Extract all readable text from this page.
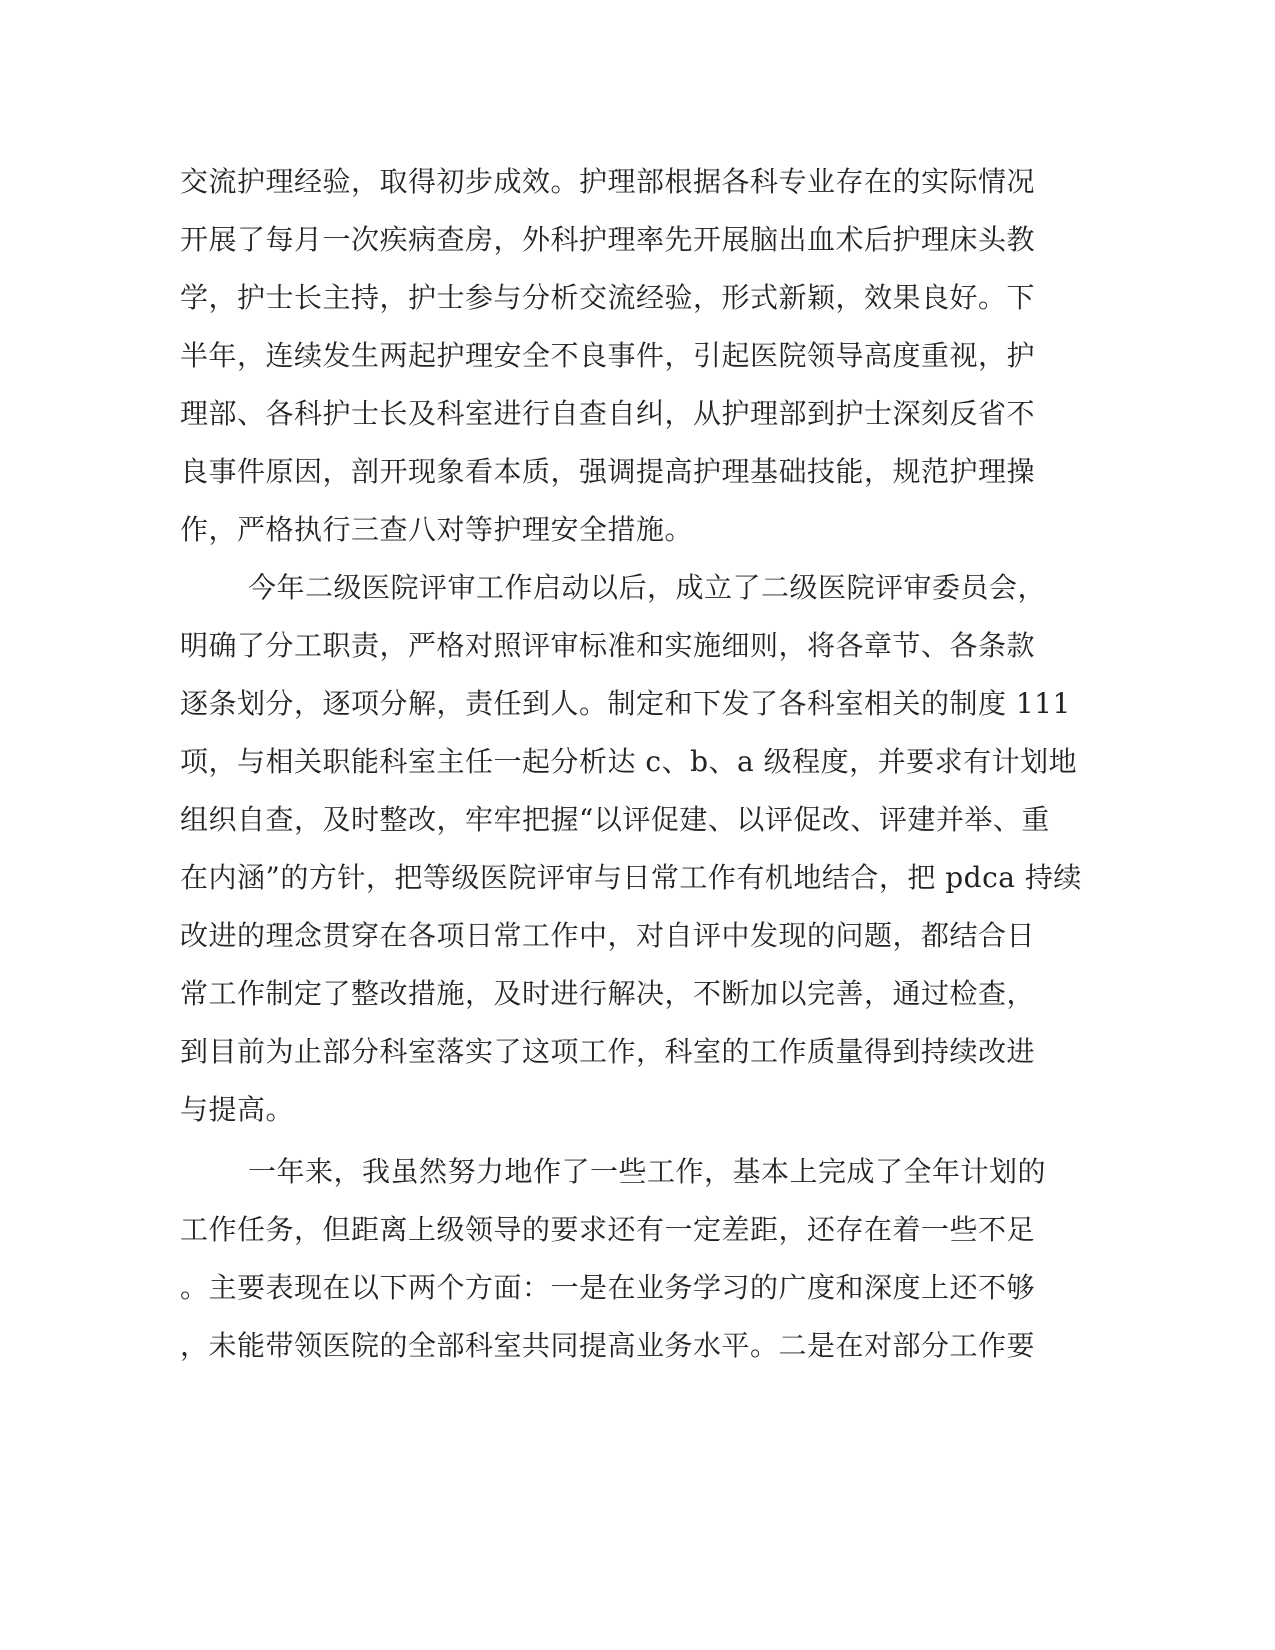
交流护理经验，取得初步成效。护理部根据各科专业存在的实际情况
开展了每月一次疾病查房，外科护理率先开展脑出血术后护理床头教
学，护士长主持，护士参与分析交流经验，形式新颖，效果良好。下
半年，连续发生两起护理安全不良事件，引起医院领导高度重视，护
理部、各科护士长及科室进行自查自纠，从护理部到护士深刻反省不
良事件原因，剖开现象看本质，强调提高护理基础技能，规范护理操
作，严格执行三查八对等护理安全措施。
今年二级医院评审工作启动以后，成立了二级医院评审委员会，
明确了分工职责，严格对照评审标准和实施细则，将各章节、各条款
逐条划分，逐项分解，责任到人。制定和下发了各科室相关的制度 111
项，与相关职能科室主任一起分析达 c、b、a 级程度，并要求有计划地
组织自查，及时整改，牢牢把握“以评促建、以评促改、评建并举、重
在内涵”的方针，把等级医院评审与日常工作有机地结合，把 pdca 持续
改进的理念贯穿在各项日常工作中，对自评中发现的问题，都结合日
常工作制定了整改措施，及时进行解决，不断加以完善，通过检查，
到目前为止部分科室落实了这项工作，科室的工作质量得到持续改进
与提高。
一年来，我虽然努力地作了一些工作，基本上完成了全年计划的
工作任务，但距离上级领导的要求还有一定差距，还存在着一些不足
。主要表现在以下两个方面：一是在业务学习的广度和深度上还不够
，未能带领医院的全部科室共同提高业务水平。二是在对部分工作要
